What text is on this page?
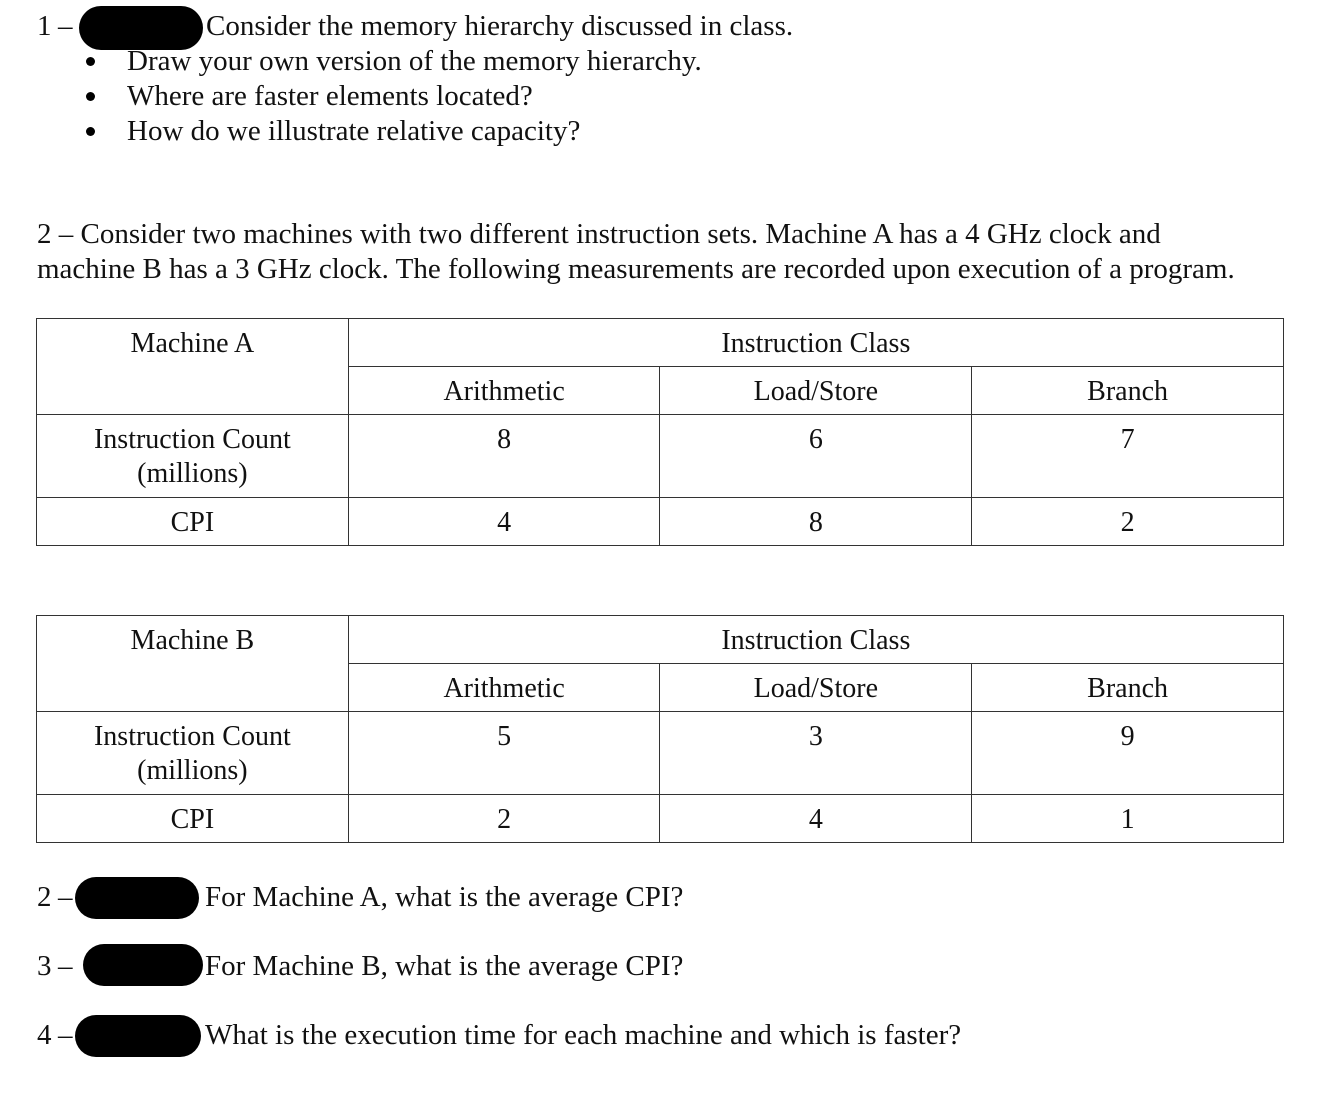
1 –	Consider the memory hierarchy discussed in class.
Draw your own version of the memory hierarchy.
Where are faster elements located?
How do we illustrate relative capacity?
2 – Consider two machines with two different instruction sets. Machine A has a 4 GHz clock and
machine B has a 3 GHz clock. The following measurements are recorded upon execution of a program.
Machine A	Instruction Class		
	Arithmetic	Load/Store	Branch

Instruction Count
(millions)	8	6	7
CPI	4	8	2
Machine B	Instruction Class		
	Arithmetic	Load/Store	Branch

Instruction Count
(millions)	5	3	9
CPI	2	4	1
2 –	For Machine A, what is the average CPI?
3 –	For Machine B, what is the average CPI?
4 –	What is the execution time for each machine and which is faster?
